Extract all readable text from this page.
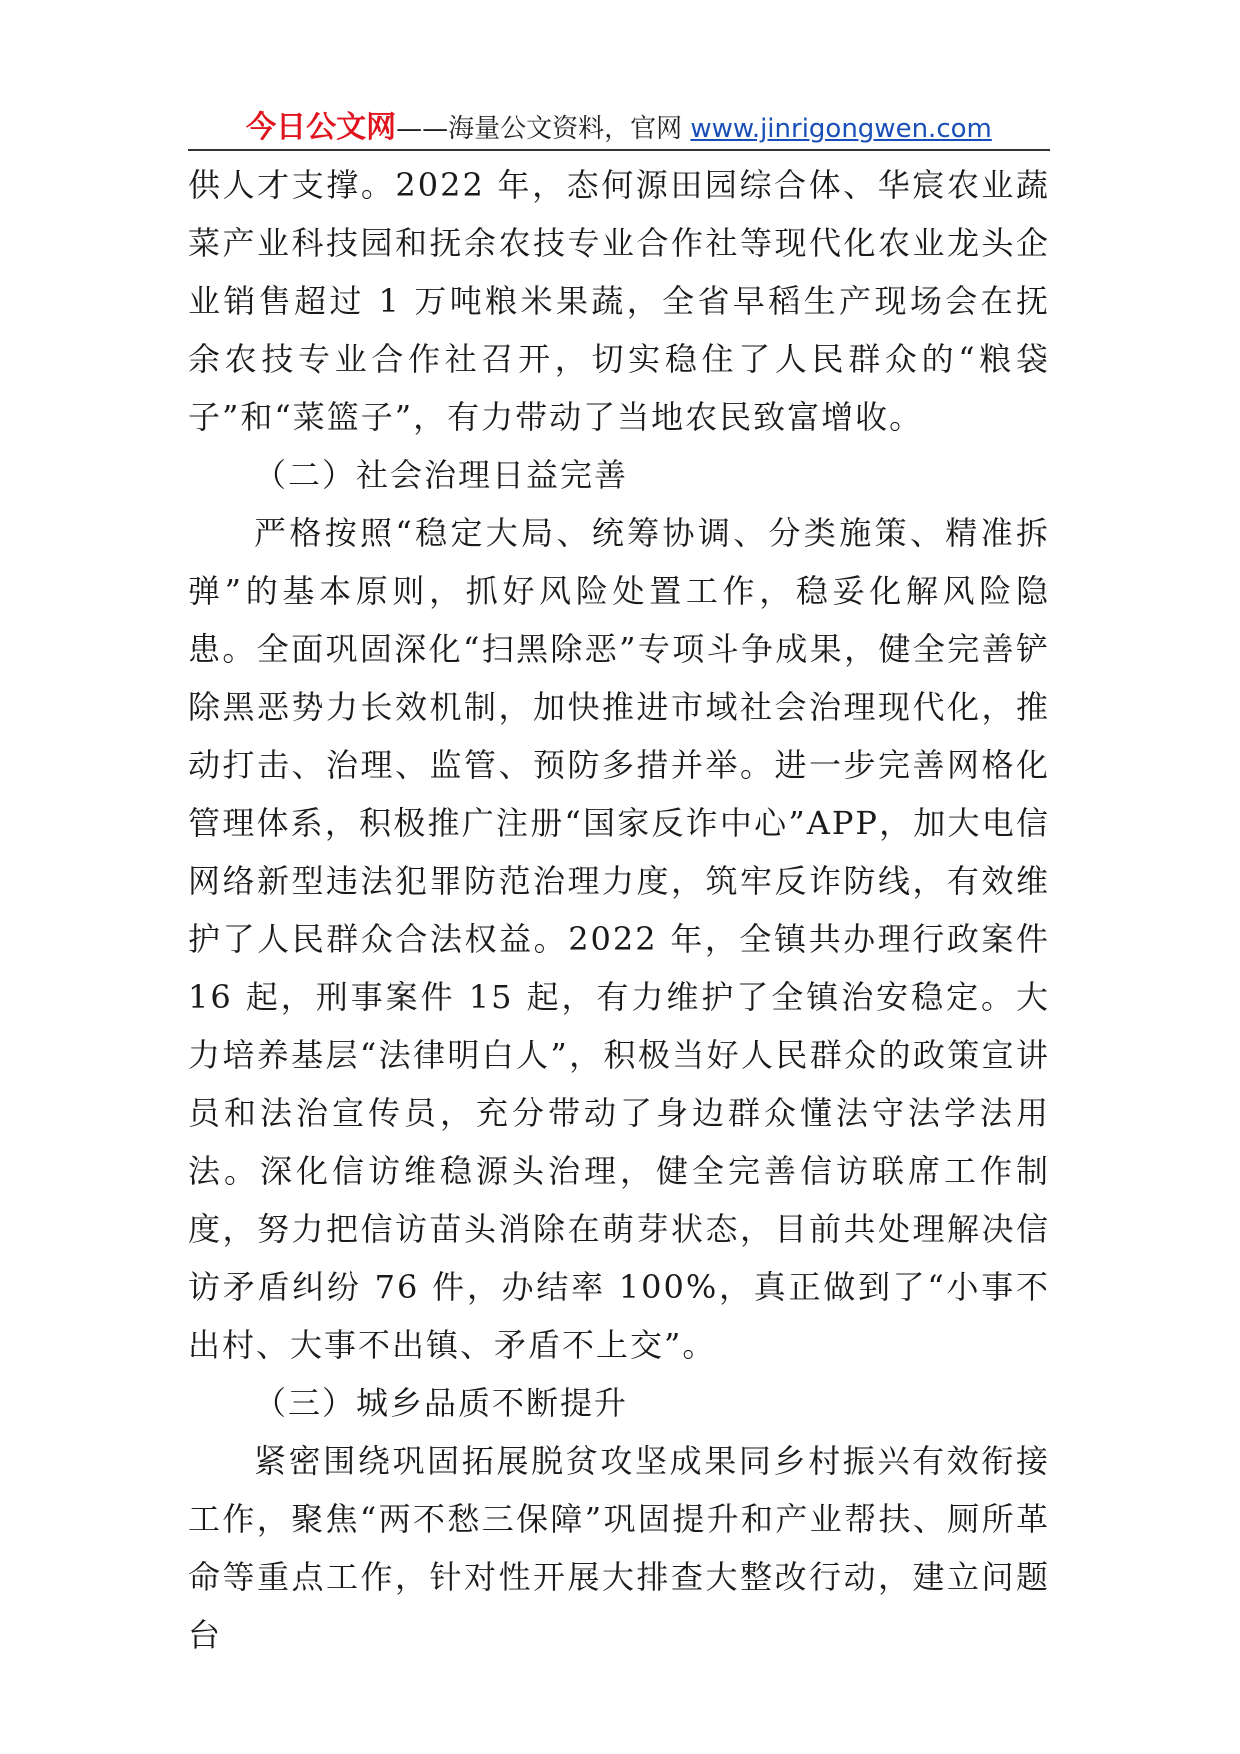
今日公文网——海量公文资料，官网 www.jinrigongwen.com

供人才支撑。2022 年，态何源田园综合体、华宸农业蔬菜产业科技园和抚余农技专业合作社等现代化农业龙头企业销售超过 1 万吨粮米果蔬，全省早稻生产现场会在抚余农技专业合作社召开，切实稳住了人民群众的“粮袋子”和“菜篮子”，有力带动了当地农民致富增收。

（二）社会治理日益完善

严格按照“稳定大局、统筹协调、分类施策、精准拆弹”的基本原则，抓好风险处置工作，稳妥化解风险隐患。全面巩固深化“扫黑除恶”专项斗争成果，健全完善铲除黑恶势力长效机制，加快推进市域社会治理现代化，推动打击、治理、监管、预防多措并举。进一步完善网格化管理体系，积极推广注册“国家反诈中心”APP，加大电信网络新型违法犯罪防范治理力度，筑牢反诈防线，有效维护了人民群众合法权益。2022 年，全镇共办理行政案件 16 起，刑事案件 15 起，有力维护了全镇治安稳定。大力培养基层“法律明白人”，积极当好人民群众的政策宣讲员和法治宣传员，充分带动了身边群众懂法守法学法用法。深化信访维稳源头治理，健全完善信访联席工作制度，努力把信访苗头消除在萌芽状态，目前共处理解决信访矛盾纠纷 76 件，办结率 100%，真正做到了“小事不出村、大事不出镇、矛盾不上交”。

（三）城乡品质不断提升

紧密围绕巩固拓展脱贫攻坚成果同乡村振兴有效衔接工作，聚焦“两不愁三保障”巩固提升和产业帮扶、厕所革命等重点工作，针对性开展大排查大整改行动，建立问题台
